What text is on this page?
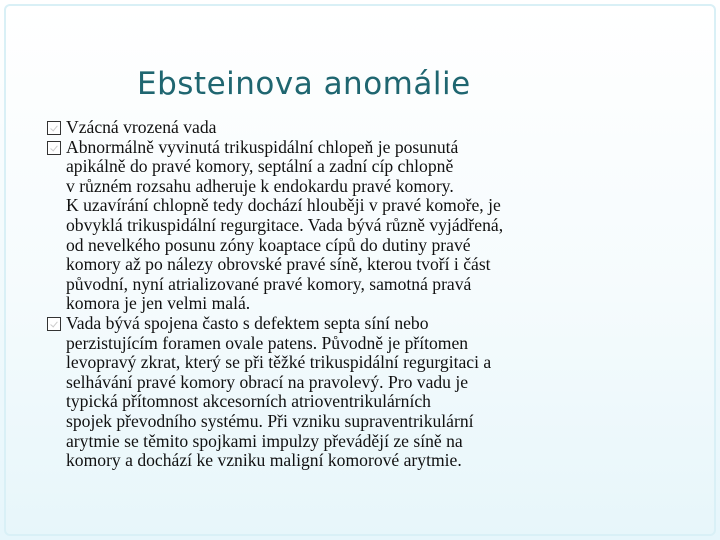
Ebsteinova anomálie
Vzácná vrozená vada
Abnormálně vyvinutá trikuspidální chlopeň je posunutá
apikálně do pravé komory, septální a zadní cíp chlopně
v různém rozsahu adheruje k endokardu pravé komory.
K uzavírání chlopně tedy dochází hlouběji v pravé komoře, je
obvyklá trikuspidální regurgitace. Vada bývá různě vyjádřená,
od nevelkého posunu zóny koaptace cípů do dutiny pravé
komory až po nálezy obrovské pravé síně, kterou tvoří i část
původní, nyní atrializované pravé komory, samotná pravá
komora je jen velmi malá.
Vada bývá spojena často s defektem septa síní nebo
perzistujícím foramen ovale patens. Původně je přítomen
levopravý zkrat, který se při těžké trikuspidální regurgitaci a
selhávání pravé komory obrací na pravolevý. Pro vadu je
typická přítomnost akcesorních atrioventrikulárních
spojek převodního systému. Při vzniku supraventrikulární
arytmie se těmito spojkami impulzy převádějí ze síně na
komory a dochází ke vzniku maligní komorové arytmie.
